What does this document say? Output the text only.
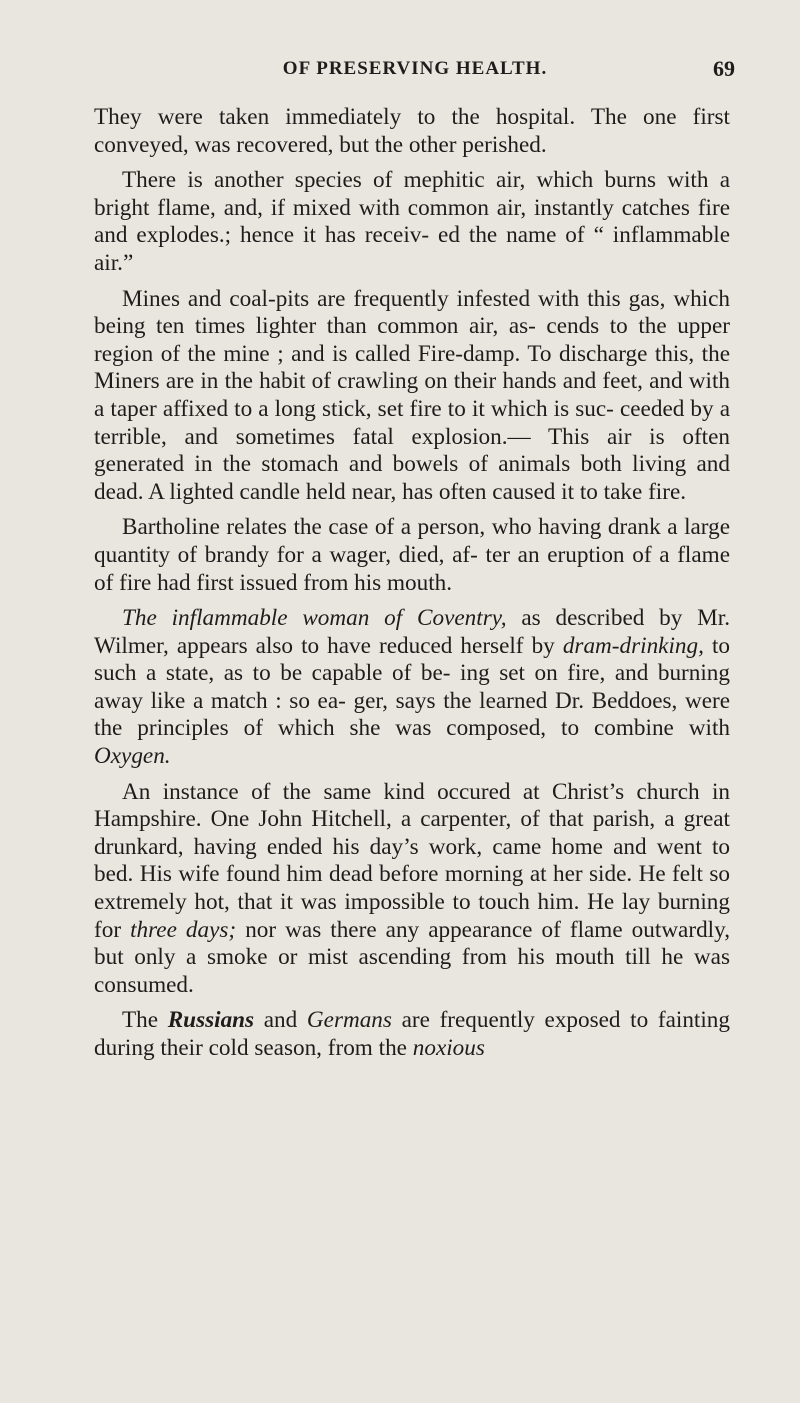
OF PRESERVING HEALTH.	69

They were taken immediately to the hospital. The one first conveyed, was recovered, but the other perished.

There is another species of mephitic air, which burns with a bright flame, and, if mixed with common air, instantly catches fire and explodes.; hence it has receiv- ed the name of “ inflammable air.”

Mines and coal-pits are frequently infested with this gas, which being ten times lighter than common air, as- cends to the upper region of the mine ; and is called Fire-damp. To discharge this, the Miners are in the habit of crawling on their hands and feet, and with a taper affixed to a long stick, set fire to it which is suc- ceeded by a terrible, and sometimes fatal explosion.— This air is often generated in the stomach and bowels of animals both living and dead. A lighted candle held near, has often caused it to take fire.

Bartholine relates the case of a person, who having drank a large quantity of brandy for a wager, died, af- ter an eruption of a flame of fire had first issued from his mouth.

The inflammable woman of Coventry, as described by Mr. Wilmer, appears also to have reduced herself by dram-drinking, to such a state, as to be capable of be- ing set on fire, and burning away like a match : so ea- ger, says the learned Dr. Beddoes, were the principles of which she was composed, to combine with Oxygen.

An instance of the same kind occured at Christ’s church in Hampshire. One John Hitchell, a carpenter, of that parish, a great drunkard, having ended his day’s work, came home and went to bed. His wife found him dead before morning at her side. He felt so extremely hot, that it was impossible to touch him. He lay burning for three days; nor was there any appearance of flame outwardly, but only a smoke or mist ascending from his mouth till he was consumed.

The Russians and Germans are frequently exposed to fainting during their cold season, from the noxious
